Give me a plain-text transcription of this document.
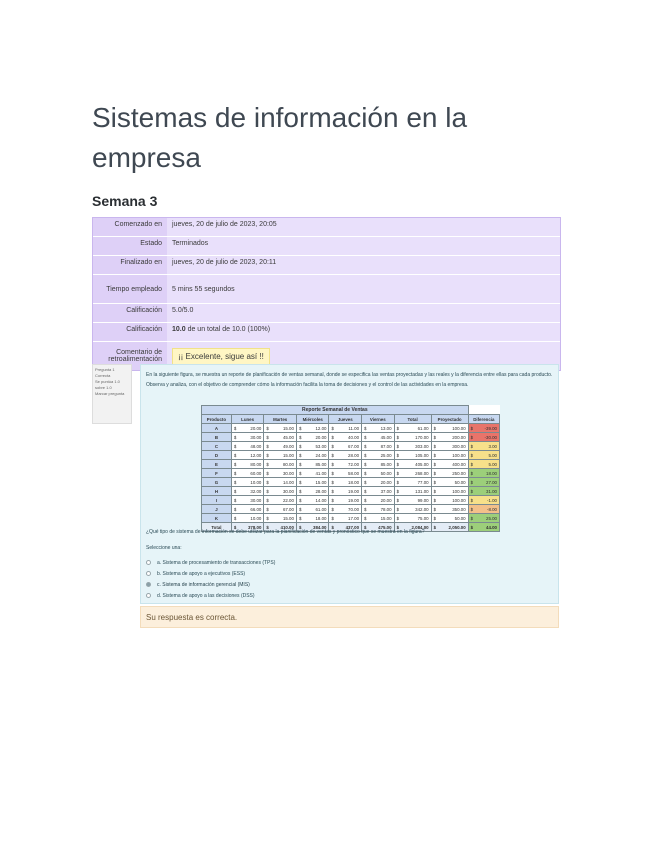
Sistemas de información en la empresa
Semana 3
Comenzado en	jueves, 20 de julio de 2023, 20:05
Estado	Terminados
Finalizado en	jueves, 20 de julio de 2023, 20:11
Tiempo empleado	5 mins 55 segundos
Calificación	5.0/5.0
Calificación	10.0 de un total de 10.0 (100%)
Comentario de retroalimentación	¡¡ Excelente, sigue así !!
Pregunta 1
Correcta
Se puntúa 1.0 sobre 1.0
Marcar pregunta
En la siguiente figura, se muestra un reporte de planificación de ventas semanal, donde se especifica las ventas proyectadas y las reales y la diferencia entre ellas para cada producto. Observa y analiza, con el objetivo de comprender cómo la información facilita la toma de decisiones y el control de las actividades en la empresa.
Reporte Semanal de Ventas																
Producto	Lunes		Martes		Miércoles		Jueves		Viernes		Total		Proyectado		Diferencia	
A	$	20.00	$	15.00	$	12.00	$	11.00	$	13.00	$	61.00	$	100.00	$	-39.00
B	$	30.00	$	45.00	$	20.00	$	40.00	$	45.00	$	170.00	$	200.00	$	-30.00
C	$	48.00	$	49.00	$	53.00	$	67.00	$	87.00	$	303.00	$	300.00	$	3.00
D	$	12.00	$	15.00	$	24.00	$	28.00	$	25.00	$	105.00	$	100.00	$	5.00
E	$	80.00	$	80.00	$	85.00	$	72.00	$	85.00	$	405.00	$	400.00	$	5.00
F	$	60.00	$	30.00	$	41.00	$	58.00	$	50.00	$	268.00	$	250.00	$	18.00
G	$	10.00	$	14.00	$	15.00	$	18.00	$	20.00	$	77.00	$	50.00	$	27.00
H	$	32.00	$	30.00	$	28.00	$	19.00	$	37.00	$	131.00	$	100.00	$	31.00
I	$	30.00	$	22.00	$	14.00	$	19.00	$	20.00	$	99.00	$	100.00	$	-1.00
J	$	66.00	$	67.00	$	61.00	$	70.00	$	78.00	$	342.00	$	350.00	$	-8.00
K	$	10.00	$	15.00	$	18.00	$	17.00	$	15.00	$	75.00	$	50.00	$	25.00
Total	$	378.00	$	410.00	$	384.00	$	437.00	$	475.00	$	2,084.00	$	2,050.00	$	44.00
¿Qué tipo de sistema de información se debe utilizar para la planificación de ventas y pronóstico que se muestra en la figura?
Seleccione una:
a. Sistema de procesamiento de transacciones (TPS)
b. Sistema de apoyo a ejecutivos (ESS)
c. Sistema de información gerencial (MIS)
d. Sistema de apoyo a las decisiones (DSS)
Su respuesta es correcta.
